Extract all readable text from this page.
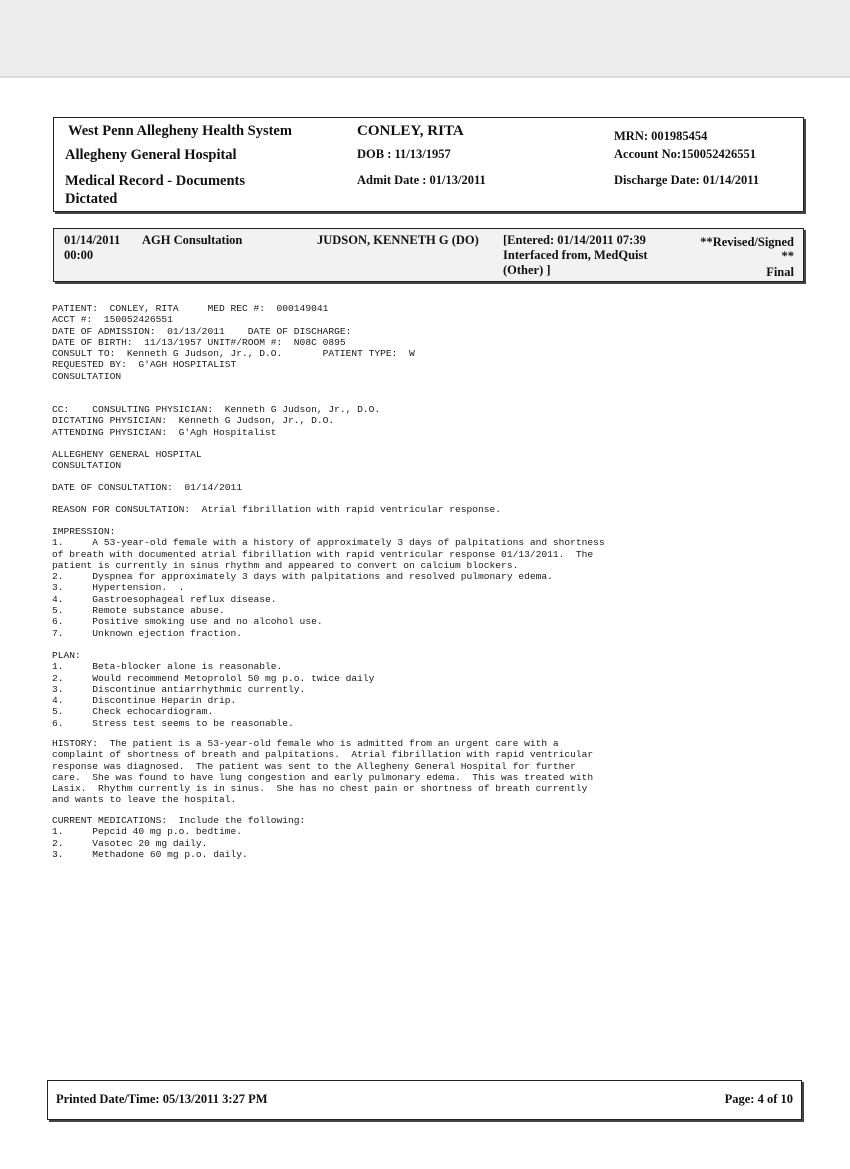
West Penn Allegheny Health System
Allegheny General Hospital
Medical Record - Documents
Dictated
CONLEY, RITA
DOB : 11/13/1957
Admit Date : 01/13/2011
MRN: 001985454
Account No:150052426551
Discharge Date: 01/14/2011
01/14/2011
00:00
AGH Consultation	JUDSON, KENNETH G (DO) [Entered: 01/14/2011 07:39
Interfaced from, MedQuist
(Other) ]
**Revised/Signed
**
Final
PATIENT:  CONLEY, RITA     MED REC #:  000149041
ACCT #:  150052426551
DATE OF ADMISSION:  01/13/2011    DATE OF DISCHARGE:
DATE OF BIRTH:  11/13/1957 UNIT#/ROOM #:  N08C 0895
CONSULT TO:  Kenneth G Judson, Jr., D.O.       PATIENT TYPE:  W
REQUESTED BY:  G'AGH HOSPITALIST
CONSULTATION
CC:    CONSULTING PHYSICIAN:  Kenneth G Judson, Jr., D.O.
DICTATING PHYSICIAN:  Kenneth G Judson, Jr., D.O.
ATTENDING PHYSICIAN:  G'Agh Hospitalist
ALLEGHENY GENERAL HOSPITAL
CONSULTATION
DATE OF CONSULTATION:  01/14/2011
REASON FOR CONSULTATION:  Atrial fibrillation with rapid ventricular response.
IMPRESSION:
1.     A 53-year-old female with a history of approximately 3 days of palpitations and shortness
of breath with documented atrial fibrillation with rapid ventricular response 01/13/2011.  The
patient is currently in sinus rhythm and appeared to convert on calcium blockers.
2.     Dyspnea for approximately 3 days with palpitations and resolved pulmonary edema.
3.     Hypertension.  .
4.     Gastroesophageal reflux disease.
5.     Remote substance abuse.
6.     Positive smoking use and no alcohol use.
7.     Unknown ejection fraction.
PLAN:
1.     Beta-blocker alone is reasonable.
2.     Would recommend Metoprolol 50 mg p.o. twice daily
3.     Discontinue antiarrhythmic currently.
4.     Discontinue Heparin drip.
5.     Check echocardiogram.
6.     Stress test seems to be reasonable.
HISTORY:  The patient is a 53-year-old female who is admitted from an urgent care with a
complaint of shortness of breath and palpitations.  Atrial fibrillation with rapid ventricular
response was diagnosed.  The patient was sent to the Allegheny General Hospital for further
care.  She was found to have lung congestion and early pulmonary edema.  This was treated with
Lasix.  Rhythm currently is in sinus.  She has no chest pain or shortness of breath currently
and wants to leave the hospital.
CURRENT MEDICATIONS:  Include the following:
1.     Pepcid 40 mg p.o. bedtime.
2.     Vasotec 20 mg daily.
3.     Methadone 60 mg p.o. daily.
Printed Date/Time: 05/13/2011 3:27 PM	Page: 4 of 10
